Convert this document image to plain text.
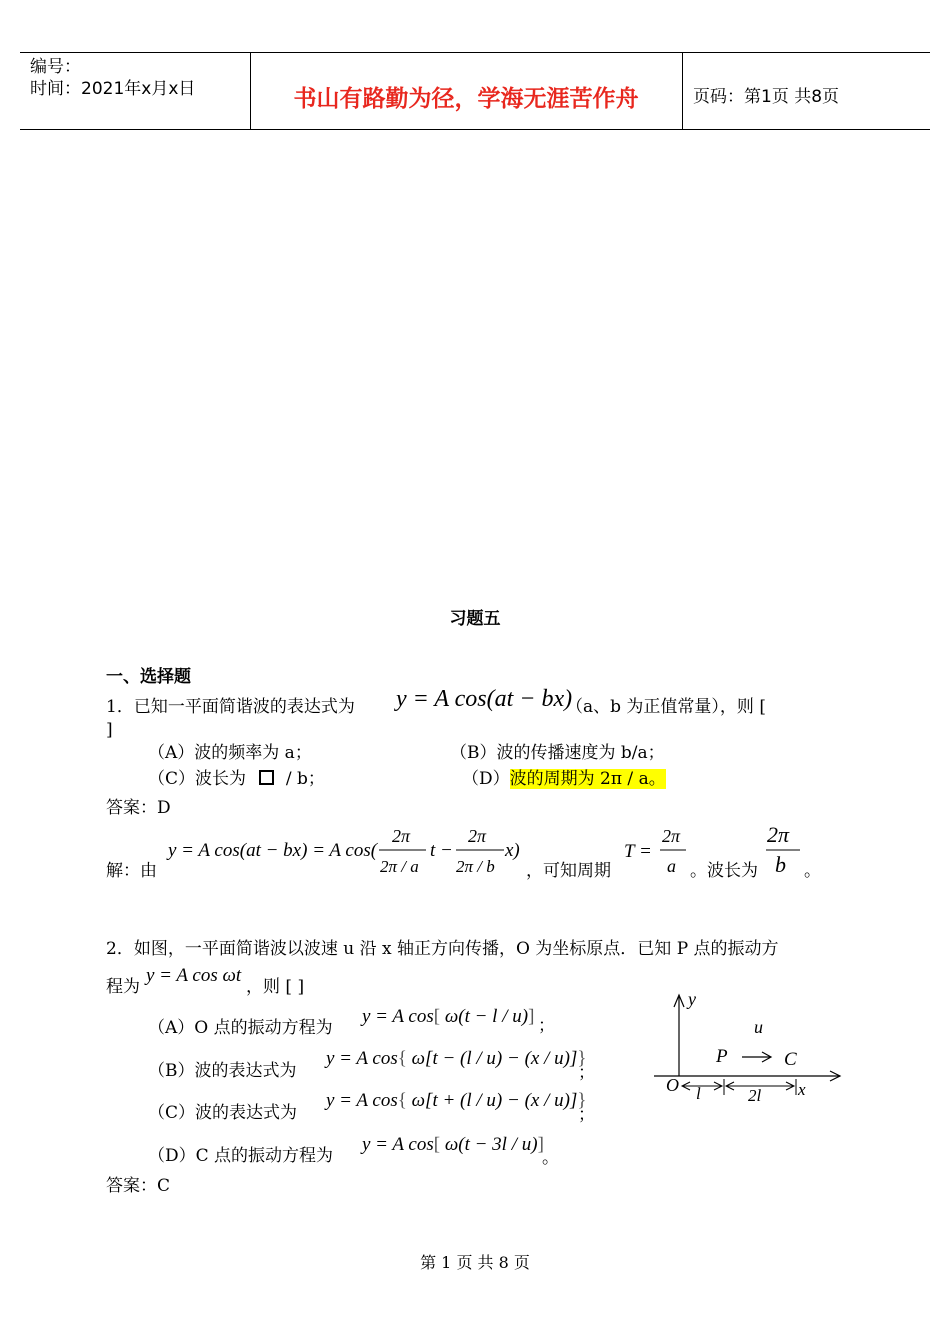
编号：
时间：2021年x月x日	书山有路勤为径，学海无涯苦作舟	页码：第1页 共8页
习题五
一、选择题
1．已知一平面简谐波的表达式为 y = A cos(at − bx)
（a、b 为正值常量），则 [
]
（A）波的频率为 a；	（B）波的传播速度为 b/a；
（C）波长为 / b；	（D）波的周期为 2π / a。
答案：D
解：由
y = A cos(at − bx) = A cos(
2π
2π / a
t −
2π
2π / b
x)
，可知周期
T =
2π
a 。波长为
2π
b 。
2．如图，一平面简谐波以波速 u 沿 x 轴正方向传播，O 为坐标原点．已知 P 点的振动方
程为
y = A cos ωt
，则 [ ]
（A）O 点的振动方程为
y = A cos[ ω(t − l / u)] ；
（B）波的表达式为
y = A cos{ ω[t − (l / u) − (x / u)]}
；
（C）波的表达式为
y = A cos{ ω[t + (l / u) − (x / u)]}
；
（D）C 点的振动方程为
y = A cos[ ω(t − 3l / u)]
。
答案：C
y
u
P	C
O l	2l x
第 1 页 共 8 页
